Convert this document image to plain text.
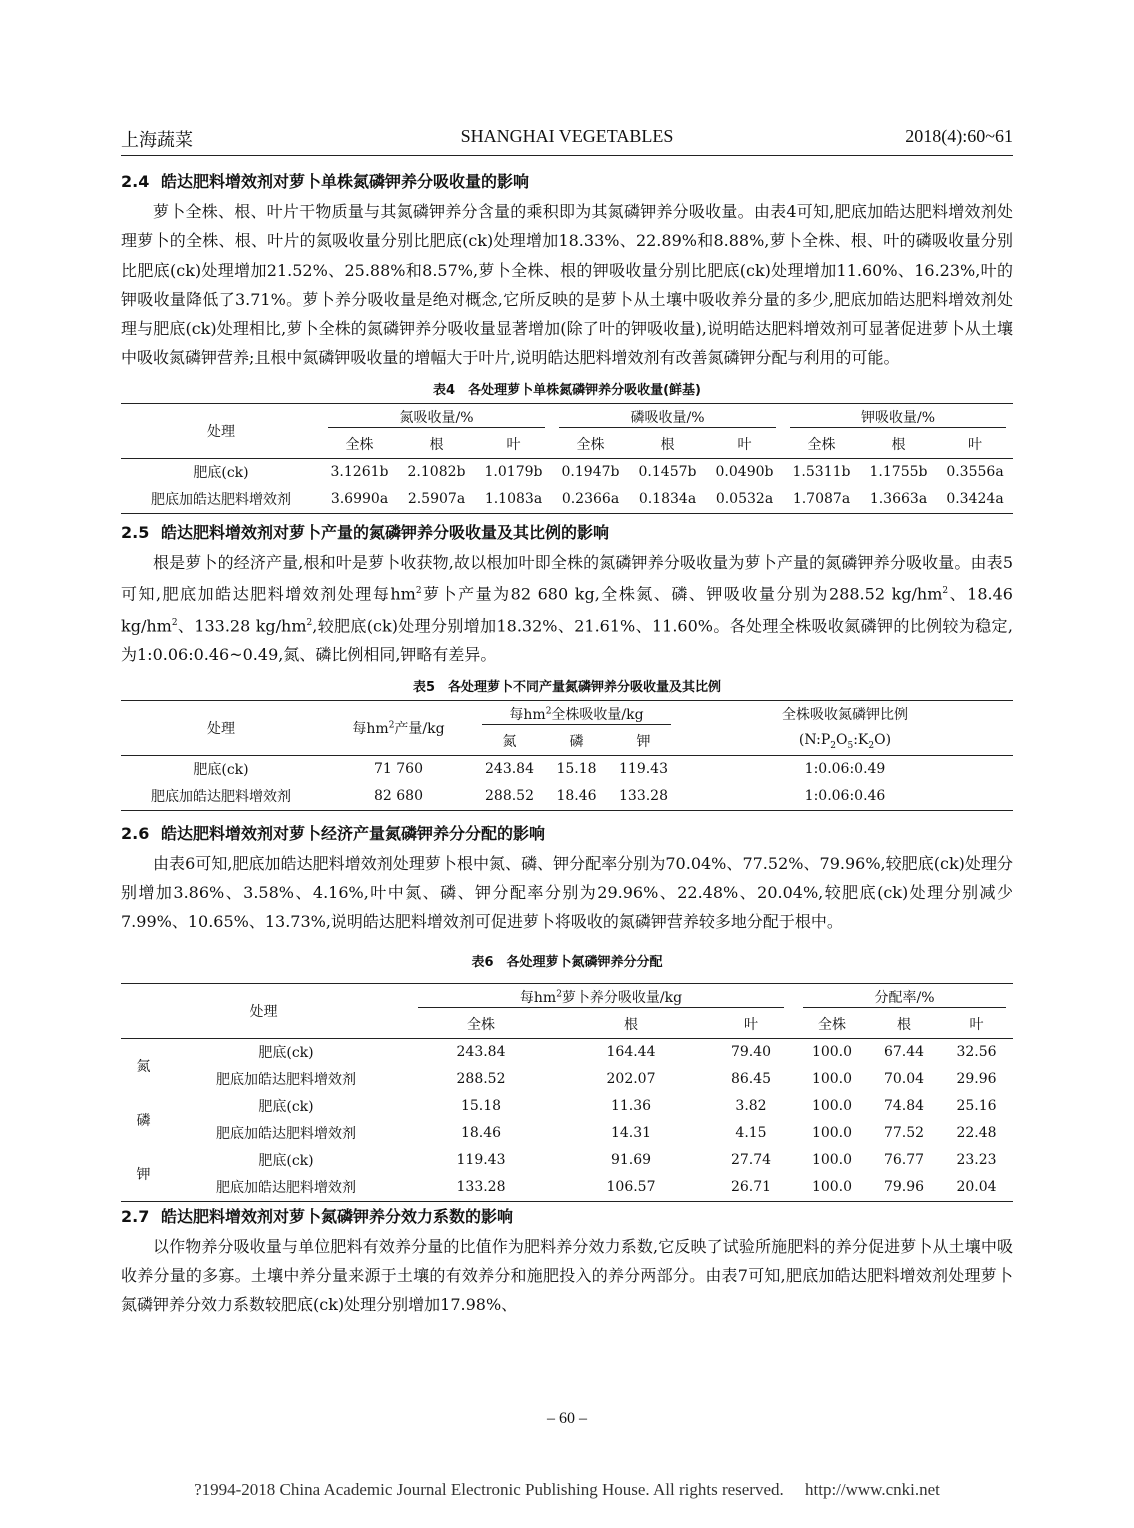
上海蔬菜	SHANGHAI VEGETABLES	2018(4):60~61
2.4 皓达肥料增效剂对萝卜单株氮磷钾养分吸收量的影响

萝卜全株、根、叶片干物质量与其氮磷钾养分含量的乘积即为其氮磷钾养分吸收量。由表4可知,肥底加皓达肥料增效剂处理萝卜的全株、根、叶片的氮吸收量分别比肥底(ck)处理增加18.33%、22.89%和8.88%,萝卜全株、根、叶的磷吸收量分别比肥底(ck)处理增加21.52%、25.88%和8.57%,萝卜全株、根的钾吸收量分别比肥底(ck)处理增加11.60%、16.23%,叶的钾吸收量降低了3.71%。萝卜养分吸收量是绝对概念,它所反映的是萝卜从土壤中吸收养分量的多少,肥底加皓达肥料增效剂处理与肥底(ck)处理相比,萝卜全株的氮磷钾养分吸收量显著增加(除了叶的钾吸收量),说明皓达肥料增效剂可显著促进萝卜从土壤中吸收氮磷钾营养;且根中氮磷钾吸收量的增幅大于叶片,说明皓达肥料增效剂有改善氮磷钾分配与利用的可能。

表4　各处理萝卜单株氮磷钾养分吸收量(鲜基)
处理	氮吸收量/%			磷吸收量/%			钾吸收量/%		
	全株	根	叶	全株	根	叶	全株	根	叶
肥底(ck)	3.1261b	2.1082b	1.0179b	0.1947b	0.1457b	0.0490b	1.5311b	1.1755b	0.3556a
肥底加皓达肥料增效剂	3.6990a	2.5907a	1.1083a	0.2366a	0.1834a	0.0532a	1.7087a	1.3663a	0.3424a
2.5 皓达肥料增效剂对萝卜产量的氮磷钾养分吸收量及其比例的影响

根是萝卜的经济产量,根和叶是萝卜收获物,故以根加叶即全株的氮磷钾养分吸收量为萝卜产量的氮磷钾养分吸收量。由表5可知,肥底加皓达肥料增效剂处理每$hm^2$萝卜产量为82 680 kg,全株氮、磷、钾吸收量分别为288.52 $kg/hm^2$、18.46 $kg/hm^2$、133.28 $kg/hm^2$,较肥底(ck)处理分别增加18.32%、21.61%、11.60%。各处理全株吸收氮磷钾的比例较为稳定,为1:0.06:0.46~0.49,氮、磷比例相同,钾略有差异。

表5　各处理萝卜不同产量氮磷钾养分吸收量及其比例
处理	每$hm^2$产量/kg	每$hm^2$全株吸收量/kg			全株吸收氮磷钾比例
		氮	磷	钾	$(N:P_2O_5:K_2O)$
肥底(ck)	71 760	243.84	15.18	119.43	1:0.06:0.49
肥底加皓达肥料增效剂	82 680	288.52	18.46	133.28	1:0.06:0.46
2.6 皓达肥料增效剂对萝卜经济产量氮磷钾养分分配的影响

由表6可知,肥底加皓达肥料增效剂处理萝卜根中氮、磷、钾分配率分别为70.04%、77.52%、79.96%,较肥底(ck)处理分别增加3.86%、3.58%、4.16%,叶中氮、磷、钾分配率分别为29.96%、22.48%、20.04%,较肥底(ck)处理分别减少7.99%、10.65%、13.73%,说明皓达肥料增效剂可促进萝卜将吸收的氮磷钾营养较多地分配于根中。

表6　各处理萝卜氮磷钾养分分配
处理		每$hm^2$萝卜养分吸收量/kg			分配率/%		
		全株	根	叶	全株	根	叶
氮	肥底(ck)	243.84	164.44	79.40	100.0	67.44	32.56
	肥底加皓达肥料增效剂	288.52	202.07	86.45	100.0	70.04	29.96
磷	肥底(ck)	15.18	11.36	3.82	100.0	74.84	25.16
	肥底加皓达肥料增效剂	18.46	14.31	4.15	100.0	77.52	22.48
钾	肥底(ck)	119.43	91.69	27.74	100.0	76.77	23.23
	肥底加皓达肥料增效剂	133.28	106.57	26.71	100.0	79.96	20.04
2.7 皓达肥料增效剂对萝卜氮磷钾养分效力系数的影响

以作物养分吸收量与单位肥料有效养分量的比值作为肥料养分效力系数,它反映了试验所施肥料的养分促进萝卜从土壤中吸收养分量的多寡。土壤中养分量来源于土壤的有效养分和施肥投入的养分两部分。由表7可知,肥底加皓达肥料增效剂处理萝卜氮磷钾养分效力系数较肥底(ck)处理分别增加17.98%、

– 60 –
?1994-2018 China Academic Journal Electronic Publishing House. All rights reserved.　 http://www.cnki.net
